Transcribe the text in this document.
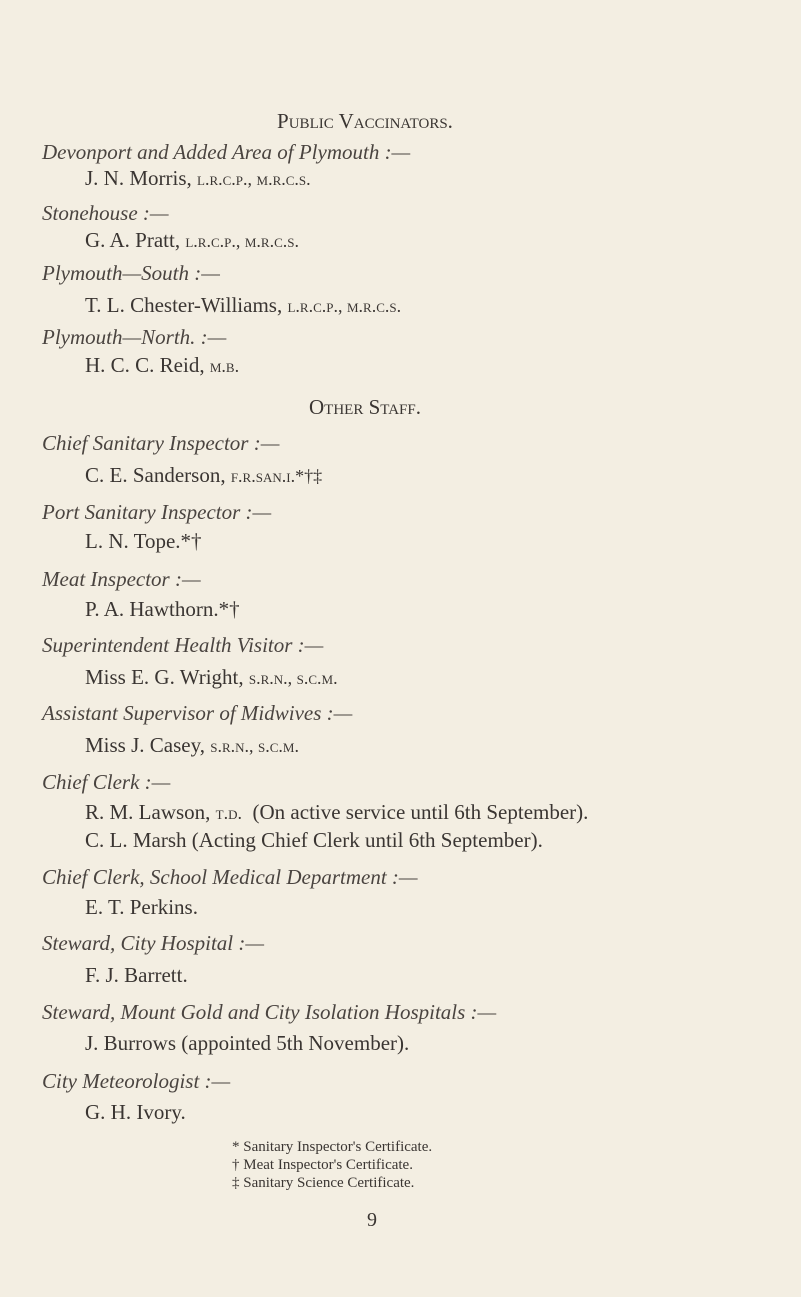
Public Vaccinators.
Devonport and Added Area of Plymouth :—
J. N. Morris, l.r.c.p., m.r.c.s.
Stonehouse :—
G. A. Pratt, l.r.c.p., m.r.c.s.
Plymouth—South :—
T. L. Chester-Williams, l.r.c.p., m.r.c.s.
Plymouth—North. :—
H. C. C. Reid, m.b.
Other Staff.
Chief Sanitary Inspector :—
C. E. Sanderson, f.r.san.i.*†‡
Port Sanitary Inspector :—
L. N. Tope.*†
Meat Inspector :—
P. A. Hawthorn.*†
Superintendent Health Visitor :—
Miss E. G. Wright, s.r.n., s.c.m.
Assistant Supervisor of Midwives :—
Miss J. Casey, s.r.n., s.c.m.
Chief Clerk :—
R. M. Lawson, t.d. (On active service until 6th September).
C. L. Marsh (Acting Chief Clerk until 6th September).
Chief Clerk, School Medical Department :—
E. T. Perkins.
Steward, City Hospital :—
F. J. Barrett.
Steward, Mount Gold and City Isolation Hospitals :—
J. Burrows (appointed 5th November).
City Meteorologist :—
G. H. Ivory.
* Sanitary Inspector's Certificate.
† Meat Inspector's Certificate.
‡ Sanitary Science Certificate.
9
